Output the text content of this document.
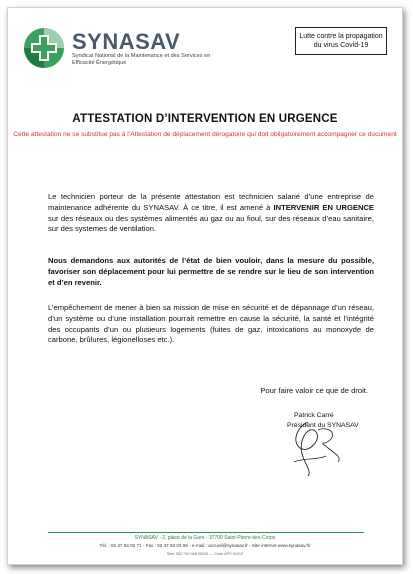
SYNASAV
Syndicat National de la Maintenance et des Services en Efficacité Énergétique
Lutte contre la propagation du virus Covid-19
ATTESTATION D’INTERVENTION EN URGENCE
Cette attestation ne se substitue pas à l’Attestation de déplacement dérogatoire qui doit obligatoirement accompagner ce document
Le technicien porteur de la présente attestation est technicien salarié d’une entreprise de maintenance adhérente du SYNASAV. À ce titre, il est amené à INTERVENIR EN URGENCE sur des réseaux ou des systèmes alimentés au gaz ou au fioul, sur des réseaux d’eau sanitaire, sur des systemes de ventilation.
Nous demandons aux autorités de l’état de bien vouloir, dans la mesure du possible, favoriser son déplacement pour lui permettre de se rendre sur le lieu de son intervention et d’en revenir.
L’empêchement de mener à bien sa mission de mise en sécurité et de dépannage d’un réseau, d’un système ou d’une installation pourrait remettre en cause la sécurité, la santé et l’intégrité des occupants d’un ou plusieurs logements (fuites de gaz, intoxications au monoxyde de carbone, brûlures, légionelloses etc.).
Pour faire valoir ce que de droit.
Patrick Carré
Président du SYNASAV
SYNASAV - 2, place de la Gare - 37700 Saint-Pierre-des-Corps
Tél. : 02 47 63 02 71 - Fax : 02 47 63 03 69 - e-mail : accueil@synasav.fr - Site internet www.synasav.fr/
Siret 392 740 068 00035 — Code APE 9411Z
